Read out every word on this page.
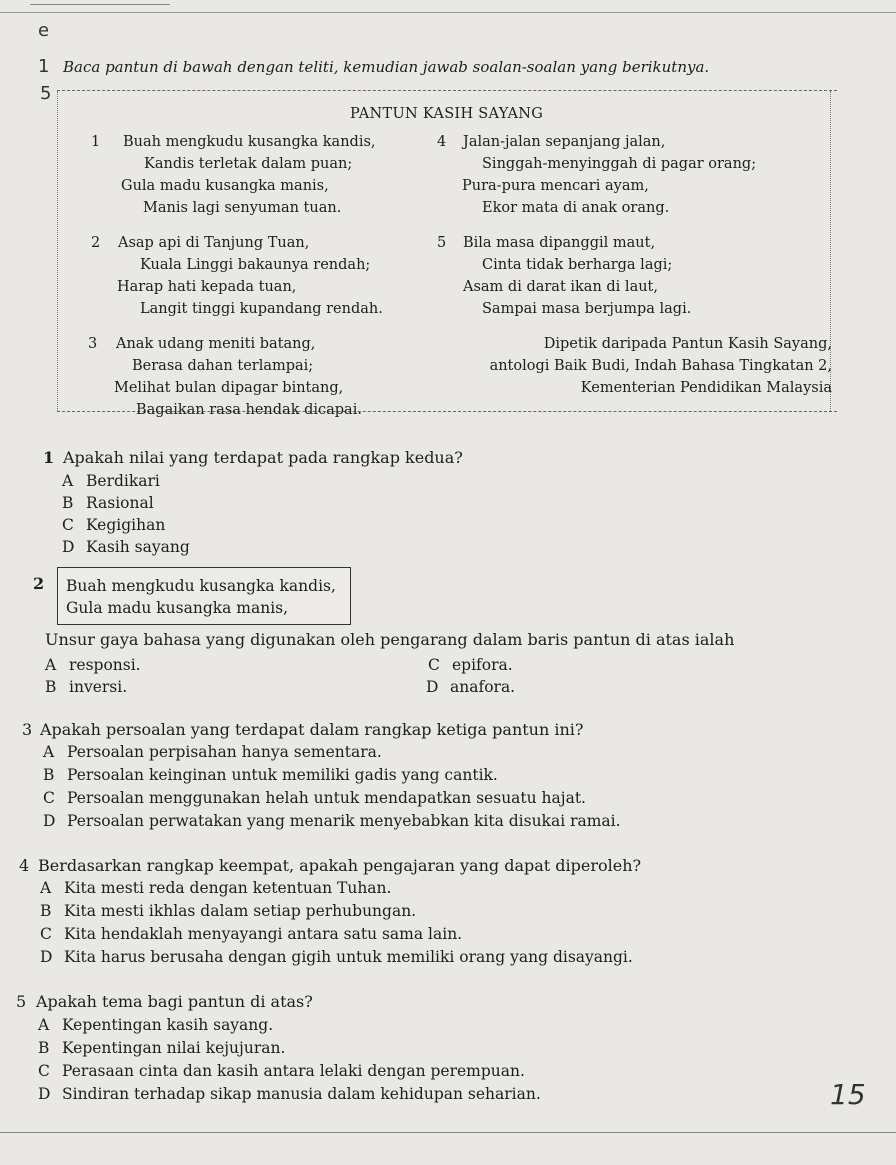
e
1
5
Baca pantun di bawah dengan teliti, kemudian jawab soalan-soalan yang berikutnya.
PANTUN KASIH SAYANG
1 Buah mengkudu kusangka kandis,
Kandis terletak dalam puan;
Gula madu kusangka manis,
Manis lagi senyuman tuan.
2 Asap api di Tanjung Tuan,
Kuala Linggi bakaunya rendah;
Harap hati kepada tuan,
Langit tinggi kupandang rendah.
3 Anak udang meniti batang,
Berasa dahan terlampai;
Melihat bulan dipagar bintang,
Bagaikan rasa hendak dicapai.
4 Jalan-jalan sepanjang jalan,
Singgah-menyinggah di pagar orang;
Pura-pura mencari ayam,
Ekor mata di anak orang.
5 Bila masa dipanggil maut,
Cinta tidak berharga lagi;
Asam di darat ikan di laut,
Sampai masa berjumpa lagi.
Dipetik daripada Pantun Kasih Sayang,
antologi Baik Budi, Indah Bahasa Tingkatan 2,
Kementerian Pendidikan Malaysia
1 Apakah nilai yang terdapat pada rangkap kedua?
A Berdikari
B Rasional
C Kegigihan
D Kasih sayang
2 Buah mengkudu kusangka kandis,
Gula madu kusangka manis,
Unsur gaya bahasa yang digunakan oleh pengarang dalam baris pantun di atas ialah
A responsi.
B inversi.
C epifora.
D anafora.
3 Apakah persoalan yang terdapat dalam rangkap ketiga pantun ini?
A Persoalan perpisahan hanya sementara.
B Persoalan keinginan untuk memiliki gadis yang cantik.
C Persoalan menggunakan helah untuk mendapatkan sesuatu hajat.
D Persoalan perwatakan yang menarik menyebabkan kita disukai ramai.
4 Berdasarkan rangkap keempat, apakah pengajaran yang dapat diperoleh?
A Kita mesti reda dengan ketentuan Tuhan.
B Kita mesti ikhlas dalam setiap perhubungan.
C Kita hendaklah menyayangi antara satu sama lain.
D Kita harus berusaha dengan gigih untuk memiliki orang yang disayangi.
5 Apakah tema bagi pantun di atas?
A Kepentingan kasih sayang.
B Kepentingan nilai kejujuran.
C Perasaan cinta dan kasih antara lelaki dengan perempuan.
D Sindiran terhadap sikap manusia dalam kehidupan seharian.	15
